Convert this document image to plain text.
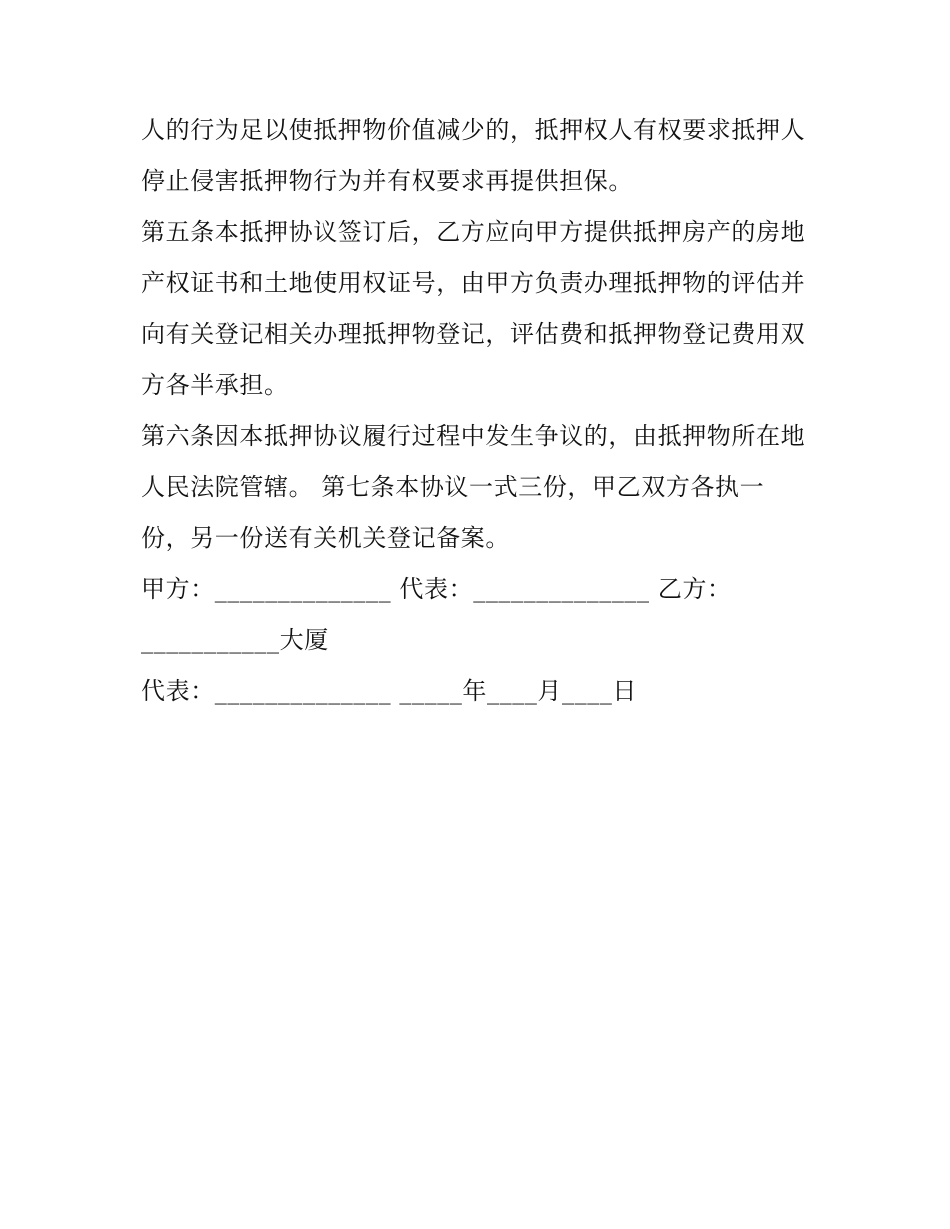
人的行为足以使抵押物价值减少的，抵押权人有权要求抵押人
停止侵害抵押物行为并有权要求再提供担保。
第五条本抵押协议签订后，乙方应向甲方提供抵押房产的房地
产权证书和土地使用权证号，由甲方负责办理抵押物的评估并
向有关登记相关办理抵押物登记，评估费和抵押物登记费用双
方各半承担。
第六条因本抵押协议履行过程中发生争议的，由抵押物所在地
人民法院管辖。 第七条本协议一式三份，甲乙双方各执一
份，另一份送有关机关登记备案。
甲方：______________ 代表：______________ 乙方：
___________大厦
代表：______________ _____年____月____日
